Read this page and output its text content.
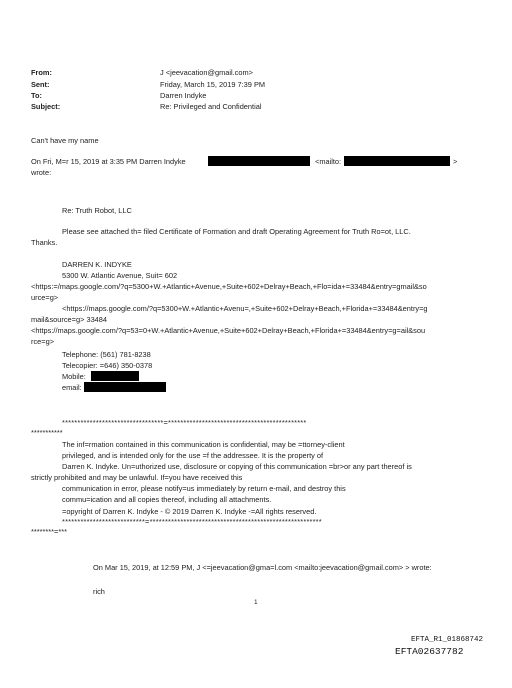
From:	J <jeevacation@gmail.com>
Sent:	Friday, March 15, 2019 7:39 PM
To:	Darren Indyke
Subject:	Re: Privileged and Confidential
Can't have my name
On Fri, M=r 15, 2019 at 3:35 PM Darren Indyke	<mailto:	>
wrote:
Re: Truth Robot, LLC
Please see attached th= filed Certificate of Formation and draft Operating Agreement for Truth Ro=ot, LLC.
Thanks.
DARREN K. INDYKE
5300 W. Atlantic Avenue, Suit= 602
<https:=/maps.google.com/?q=5300+W.+Atlantic+Avenue,+Suite+602+Delray+Beach,+Flo=ida+=33484&entry=gmail&so
urce=g>
<https://maps.google.com/?q=5300+W.+Atlantic+Avenu=,+Suite+602+Delray+Beach,+Florida+=33484&entry=g
mail&source=g> 33484
<https://maps.google.com/?q=53=0+W.+Atlantic+Avenue,+Suite+602+Delray+Beach,+Florida+=33484&entry=g=ail&sou
rce=g>
Telephone: (561) 781-8238
Telecopier: =646) 350-0378
Mobile:
email:
*********************************=*********************************************
***********
The inf=rmation contained in this communication is confidential, may be =ttorney-client
privileged, and is intended only for the use =f the addressee. It is the property of
Darren K. Indyke. Un=uthorized use, disclosure or copying of this communication =br>or any part thereof is
strictly prohibited and may be unlawful. If=you have received this
communication in error, please notify=us immediately by return e-mail, and destroy this
commu=ication and all copies thereof, including all attachments.
=opyright of Darren K. Indyke - © 2019 Darren K. Indyke -=All rights reserved.
***************************=********************************************************
********=***
On Mar 15, 2019, at 12:59 PM, J <=jeevacation@gma=l.com <mailto:jeevacation@gmail.com> > wrote:
rich
1
EFTA_R1_01868742
EFTA02637782
